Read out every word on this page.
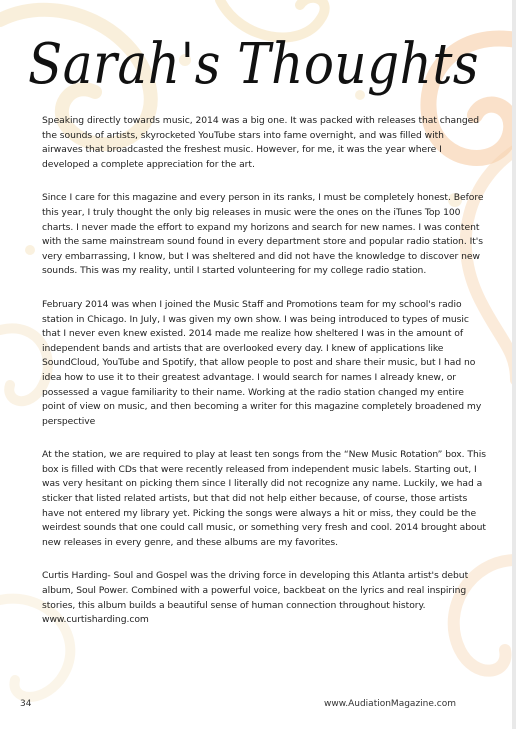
Sarah's Thoughts

Speaking directly towards music, 2014 was a big one. It was packed with releases that changed the sounds of artists, skyrocketed YouTube stars into fame overnight, and was filled with airwaves that broadcasted the freshest music. However, for me, it was the year where I developed a complete appreciation for the art.

Since I care for this magazine and every person in its ranks, I must be completely honest. Before this year, I truly thought the only big releases in music were the ones on the iTunes Top 100 charts. I never made the effort to expand my horizons and search for new names. I was content with the same mainstream sound found in every department store and popular radio station. It's very embarrassing, I know, but I was sheltered and did not have the knowledge to discover new sounds. This was my reality, until I started volunteering for my college radio station.

February 2014 was when I joined the Music Staff and Promotions team for my school's radio station in Chicago. In July, I was given my own show. I was being introduced to types of music that I never even knew existed. 2014 made me realize how sheltered I was in the amount of independent bands and artists that are overlooked every day. I knew of applications like SoundCloud, YouTube and Spotify, that allow people to post and share their music, but I had no idea how to use it to their greatest advantage. I would search for names I already knew, or possessed a vague familiarity to their name. Working at the radio station changed my entire point of view on music, and then becoming a writer for this magazine completely broadened my perspective

At the station, we are required to play at least ten songs from the “New Music Rotation” box. This box is filled with CDs that were recently released from independent music labels. Starting out, I was very hesitant on picking them since I literally did not recognize any name. Luckily, we had a sticker that listed related artists, but that did not help either because, of course, those artists have not entered my library yet. Picking the songs were always a hit or miss, they could be the weirdest sounds that one could call music, or something very fresh and cool. 2014 brought about new releases in every genre, and these albums are my favorites.

Curtis Harding- Soul and Gospel was the driving force in developing this Atlanta artist's debut album, Soul Power. Combined with a powerful voice, backbeat on the lyrics and real inspiring stories, this album builds a beautiful sense of human connection throughout history. www.curtisharding.com

34	www.AudiationMagazine.com
